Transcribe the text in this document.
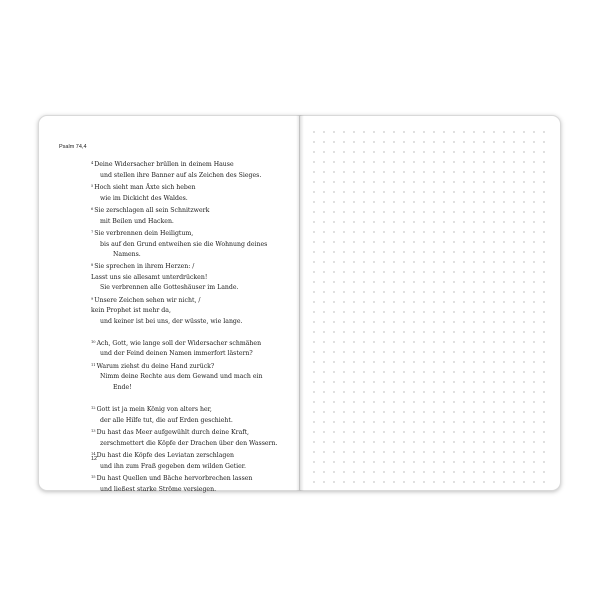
Psalm 74,4
$^4$Deine Widersacher brüllen in deinem Hause
und stellen ihre Banner auf als Zeichen des Sieges.
$^5$Hoch sieht man Äxte sich heben
wie im Dickicht des Waldes.
$^6$Sie zerschlagen all sein Schnitzwerk
mit Beilen und Hacken.
$^7$Sie verbrennen dein Heiligtum,
bis auf den Grund entweihen sie die Wohnung deines
Namens.
$^8$Sie sprechen in ihrem Herzen: /
Lasst uns sie allesamt unterdrücken!
Sie verbrennen alle Gotteshäuser im Lande.
$^9$Unsere Zeichen sehen wir nicht, /
kein Prophet ist mehr da,
und keiner ist bei uns, der wüsste, wie lange.
$^{10}$Ach, Gott, wie lange soll der Widersacher schmähen
und der Feind deinen Namen immerfort lästern?
$^{11}$Warum ziehst du deine Hand zurück?
Nimm deine Rechte aus dem Gewand und mach ein
Ende!
$^{12}$Gott ist ja mein König von alters her,
der alle Hilfe tut, die auf Erden geschieht.
$^{13}$Du hast das Meer aufgewühlt durch deine Kraft,
zerschmettert die Köpfe der Drachen über den Wassern.
$^{14}$Du hast die Köpfe des Leviatan zerschlagen
und ihn zum Fraß gegeben dem wilden Getier.
$^{15}$Du hast Quellen und Bäche hervorbrechen lassen
und ließest starke Ströme versiegen.
12
